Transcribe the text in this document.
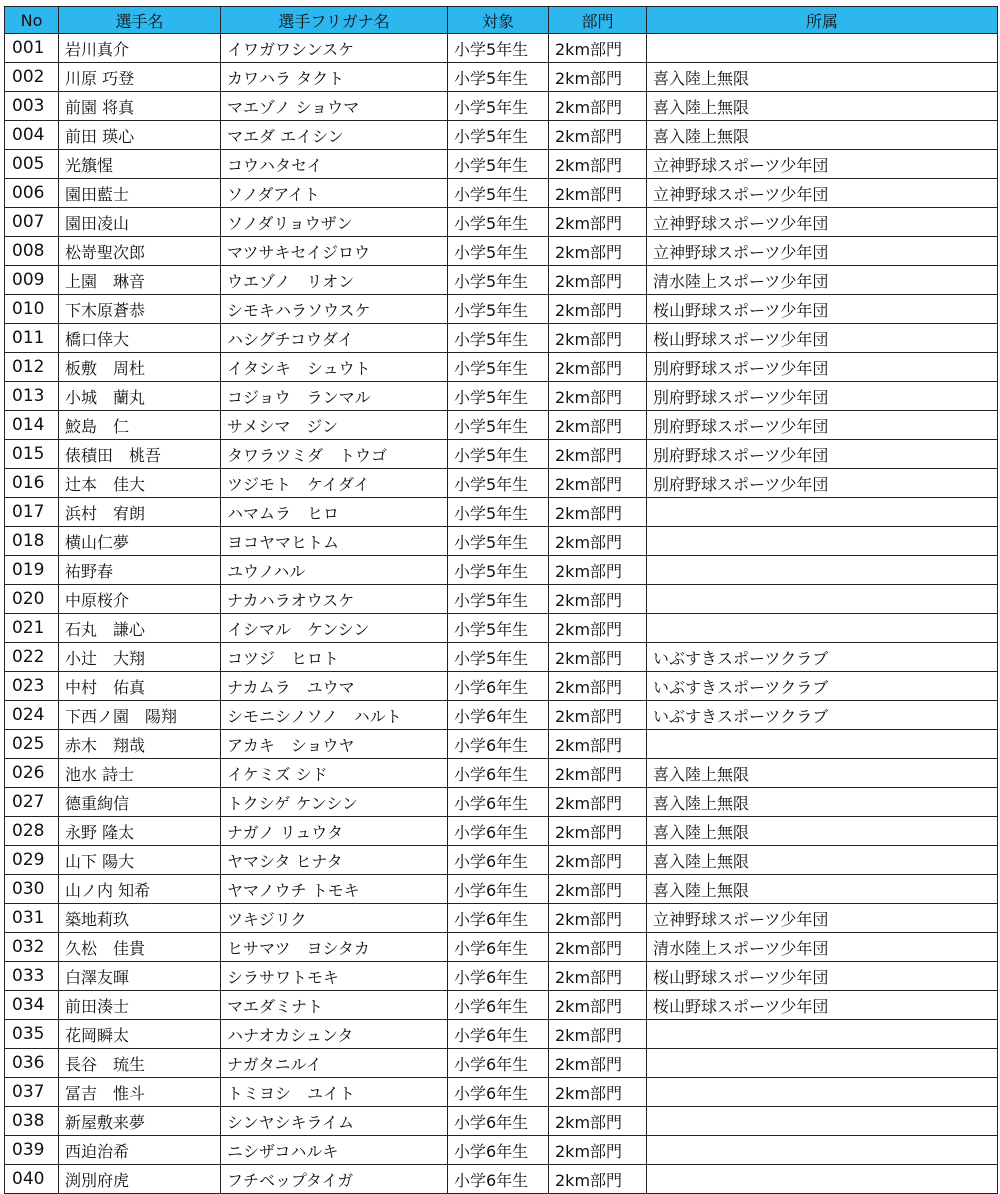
No	選手名	選手フリガナ名	対象	部門	所属
001	岩川真介	イワガワシンスケ	小学5年生	2km部門	
002	川原 巧登	カワハラ タクト	小学5年生	2km部門	喜入陸上無限
003	前園 将真	マエゾノ ショウマ	小学5年生	2km部門	喜入陸上無限
004	前田 瑛心	マエダ エイシン	小学5年生	2km部門	喜入陸上無限
005	光籏惺	コウハタセイ	小学5年生	2km部門	立神野球スポーツ少年団
006	園田藍士	ソノダアイト	小学5年生	2km部門	立神野球スポーツ少年団
007	園田凌山	ソノダリョウザン	小学5年生	2km部門	立神野球スポーツ少年団
008	松嵜聖次郎	マツサキセイジロウ	小学5年生	2km部門	立神野球スポーツ少年団
009	上園　琳音	ウエゾノ　リオン	小学5年生	2km部門	清水陸上スポーツ少年団
010	下木原蒼恭	シモキハラソウスケ	小学5年生	2km部門	桜山野球スポーツ少年団
011	橋口倖大	ハシグチコウダイ	小学5年生	2km部門	桜山野球スポーツ少年団
012	板敷　周杜	イタシキ　シュウト	小学5年生	2km部門	別府野球スポーツ少年団
013	小城　蘭丸	コジョウ　ランマル	小学5年生	2km部門	別府野球スポーツ少年団
014	鮫島　仁	サメシマ　ジン	小学5年生	2km部門	別府野球スポーツ少年団
015	俵積田　桃吾	タワラツミダ　トウゴ	小学5年生	2km部門	別府野球スポーツ少年団
016	辻本　佳大	ツジモト　ケイダイ	小学5年生	2km部門	別府野球スポーツ少年団
017	浜村　宥朗	ハマムラ　ヒロ	小学5年生	2km部門	
018	横山仁夢	ヨコヤマヒトム	小学5年生	2km部門	
019	祐野春	ユウノハル	小学5年生	2km部門	
020	中原桜介	ナカハラオウスケ	小学5年生	2km部門	
021	石丸　謙心	イシマル　ケンシン	小学5年生	2km部門	
022	小辻　大翔	コツジ　ヒロト	小学5年生	2km部門	いぶすきスポーツクラブ
023	中村　佑真	ナカムラ　ユウマ	小学6年生	2km部門	いぶすきスポーツクラブ
024	下西ノ園　陽翔	シモニシノソノ　ハルト	小学6年生	2km部門	いぶすきスポーツクラブ
025	赤木　翔哉	アカキ　ショウヤ	小学6年生	2km部門	
026	池水 詩士	イケミズ シド	小学6年生	2km部門	喜入陸上無限
027	德重絢信	トクシゲ ケンシン	小学6年生	2km部門	喜入陸上無限
028	永野 隆太	ナガノ リュウタ	小学6年生	2km部門	喜入陸上無限
029	山下 陽大	ヤマシタ ヒナタ	小学6年生	2km部門	喜入陸上無限
030	山ノ内 知希	ヤマノウチ トモキ	小学6年生	2km部門	喜入陸上無限
031	築地莉玖	ツキジリク	小学6年生	2km部門	立神野球スポーツ少年団
032	久松　佳貴	ヒサマツ　ヨシタカ	小学6年生	2km部門	清水陸上スポーツ少年団
033	白澤友暉	シラサワトモキ	小学6年生	2km部門	桜山野球スポーツ少年団
034	前田湊士	マエダミナト	小学6年生	2km部門	桜山野球スポーツ少年団
035	花岡瞬太	ハナオカシュンタ	小学6年生	2km部門	
036	長谷　琉生	ナガタニルイ	小学6年生	2km部門	
037	冨吉　惟斗	トミヨシ　ユイト	小学6年生	2km部門	
038	新屋敷来夢	シンヤシキライム	小学6年生	2km部門	
039	西迫治希	ニシザコハルキ	小学6年生	2km部門	
040	渕別府虎	フチベップタイガ	小学6年生	2km部門	
